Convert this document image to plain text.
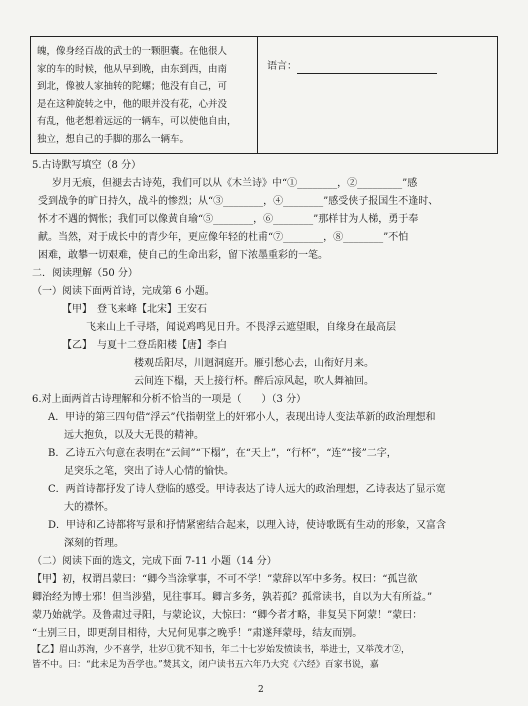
魄，像身经百战的武士的一颗胆囊。在他很人
家的车的时候，他从早到晚，由东到西，由南
到北，像被人家抽转的陀螺；他没有自己，可
是在这种旋转之中，他的眼并没有花，心并没
有乱，他老想着远远的一辆车，可以使他自由，
独立，想自己的手脚的那么一辆车。
语言：
5.古诗默写填空（8 分）
岁月无痕，但褪去古诗苑，我们可以从《木兰诗》中“①________，②_________”感
受到战争的旷日持久，战斗的惨烈；从“③________，④________”感受侠子报国生不逢时、
怀才不遇的惆怅；我们可以像黄自瑜“⑤________，⑥________”那样甘为人梯，勇于奉
献。当然，对于成长中的青少年，更应像年轻的杜甫“⑦________，⑧________”不怕
困难，敢攀一切艰难，使自己的生命出彩，留下浓墨重彩的一笔。
二．阅读理解（50 分）
（一）阅读下面两首诗，完成第 6 小题。
【甲】　登飞来峰【北宋】王安石
飞来山上千寻塔，闻说鸡鸣见日升。不畏浮云遮望眼，自缘身在最高层
【乙】　与夏十二登岳阳楼【唐】李白
楼观岳阳尽，川迥洞庭开。雁引愁心去，山衔好月来。
云间连下榻，天上接行杯。醉后凉风起，吹人舞袖回。
6.对上面两首古诗理解和分析不恰当的一项是（　　）（3 分）
A．甲诗的第三四句借“浮云”代指朝堂上的奸邪小人，表现出诗人变法革新的政治理想和
远大抱负，以及大无畏的精神。
B．乙诗五六句意在表明在“云间”“下榻”，在“天上”，“行杯”，“连”“接”二字，
足突乐之笔，突出了诗人心情的愉快。
C．两首诗都抒发了诗人登临的感受。甲诗表达了诗人远大的政治理想，乙诗表达了显示宽
大的襟怀。
D．甲诗和乙诗都将写景和抒情紧密结合起来，以理入诗，使诗歌既有生动的形象，又富含
深刻的哲理。
（二）阅读下面的选文，完成下面 7-11 小题（14 分）
【甲】初，权谓吕蒙曰：“卿今当涂掌事，不可不学！”蒙辞以军中多务。权曰：“孤岂欲
卿治经为博士邪！但当涉猎，见往事耳。卿言多务，孰若孤？孤常读书，自以为大有所益。”
蒙乃始就学。及鲁肃过寻阳，与蒙论议，大惊曰：“卿今者才略，非复吴下阿蒙！”蒙曰：
“士别三日，即更刮目相待，大兄何见事之晚乎！”肃遂拜蒙母，结友而别。
【乙】眉山苏洵，少不喜学，壮岁①犹不知书，年二十七岁始发愤读书，举进士，又举茂才②，
皆不中。曰：“此未足为吾学也。”焚其文，闭户读书五六年乃大究《六经》百家书说，嘉
2
